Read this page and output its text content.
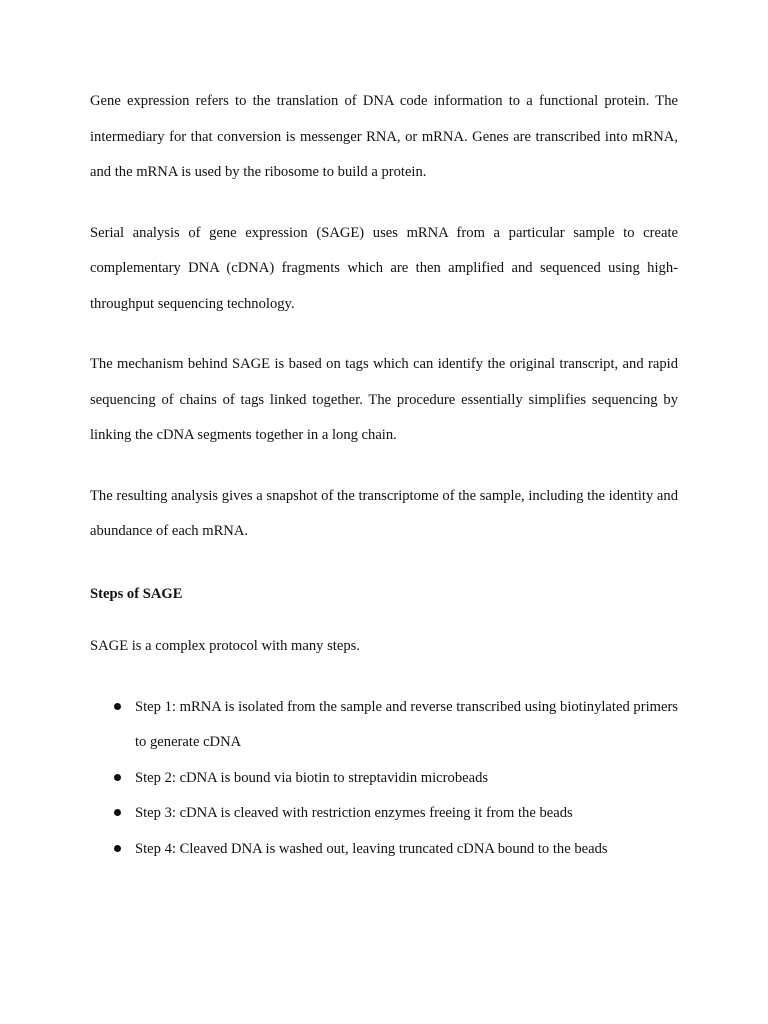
Gene expression refers to the translation of DNA code information to a functional protein. The intermediary for that conversion is messenger RNA, or mRNA. Genes are transcribed into mRNA, and the mRNA is used by the ribosome to build a protein.

Serial analysis of gene expression (SAGE) uses mRNA from a particular sample to create complementary DNA (cDNA) fragments which are then amplified and sequenced using high-throughput sequencing technology.

The mechanism behind SAGE is based on tags which can identify the original transcript, and rapid sequencing of chains of tags linked together. The procedure essentially simplifies sequencing by linking the cDNA segments together in a long chain.

The resulting analysis gives a snapshot of the transcriptome of the sample, including the identity and abundance of each mRNA.

Steps of SAGE

SAGE is a complex protocol with many steps.

Step 1: mRNA is isolated from the sample and reverse transcribed using biotinylated primers to generate cDNA
Step 2: cDNA is bound via biotin to streptavidin microbeads
Step 3: cDNA is cleaved with restriction enzymes freeing it from the beads
Step 4: Cleaved DNA is washed out, leaving truncated cDNA bound to the beads
